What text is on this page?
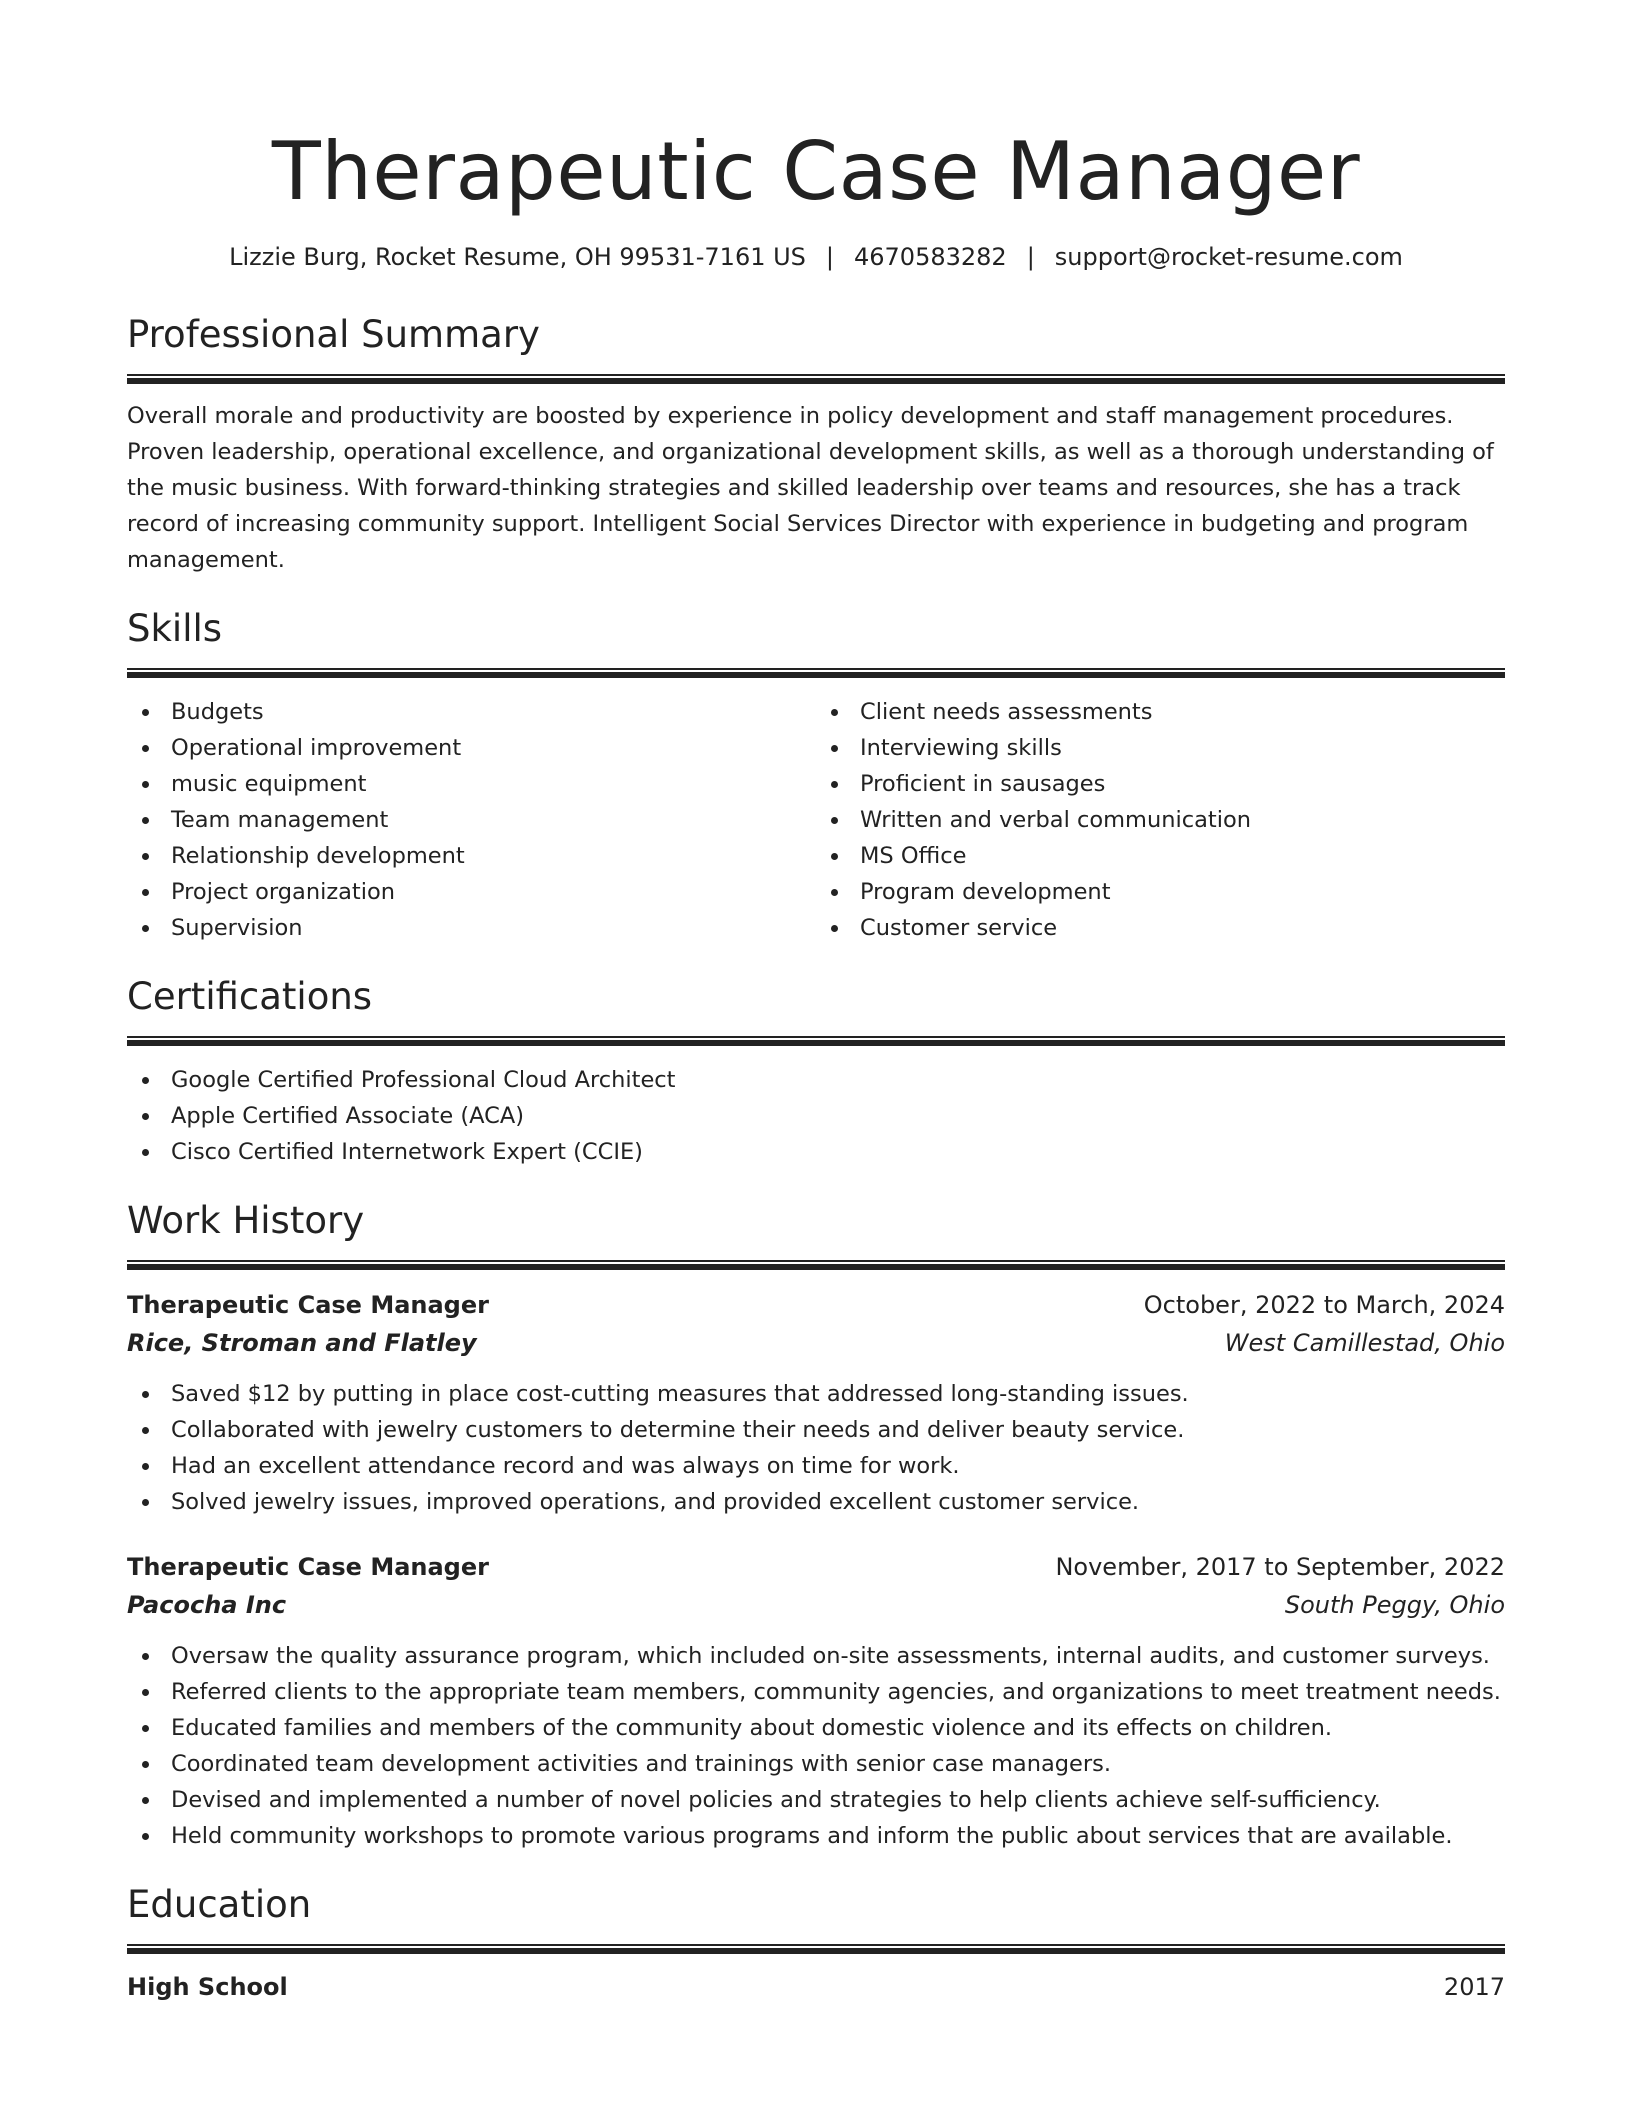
Therapeutic Case Manager
Lizzie Burg, Rocket Resume, OH 99531-7161 US | 4670583282 | support@rocket-resume.com
Professional Summary

Overall morale and productivity are boosted by experience in policy development and staff management procedures. Proven leadership, operational excellence, and organizational development skills, as well as a thorough understanding of the music business. With forward-thinking strategies and skilled leadership over teams and resources, she has a track record of increasing community support. Intelligent Social Services Director with experience in budgeting and program management.

Skills
Budgets
Operational improvement
music equipment
Team management
Relationship development
Project organization
Supervision
Client needs assessments
Interviewing skills
Proficient in sausages
Written and verbal communication
MS Office
Program development
Customer service
Certifications
Google Certified Professional Cloud Architect
Apple Certified Associate (ACA)
Cisco Certified Internetwork Expert (CCIE)
Work History
Therapeutic Case Manager	October, 2022 to March, 2024
Rice, Stroman and Flatley	West Camillestad, Ohio
Saved $12 by putting in place cost-cutting measures that addressed long-standing issues.
Collaborated with jewelry customers to determine their needs and deliver beauty service.
Had an excellent attendance record and was always on time for work.
Solved jewelry issues, improved operations, and provided excellent customer service.
Therapeutic Case Manager	November, 2017 to September, 2022
Pacocha Inc	South Peggy, Ohio
Oversaw the quality assurance program, which included on-site assessments, internal audits, and customer surveys.
Referred clients to the appropriate team members, community agencies, and organizations to meet treatment needs.
Educated families and members of the community about domestic violence and its effects on children.
Coordinated team development activities and trainings with senior case managers.
Devised and implemented a number of novel policies and strategies to help clients achieve self-sufficiency.
Held community workshops to promote various programs and inform the public about services that are available.
Education
High School	2017
